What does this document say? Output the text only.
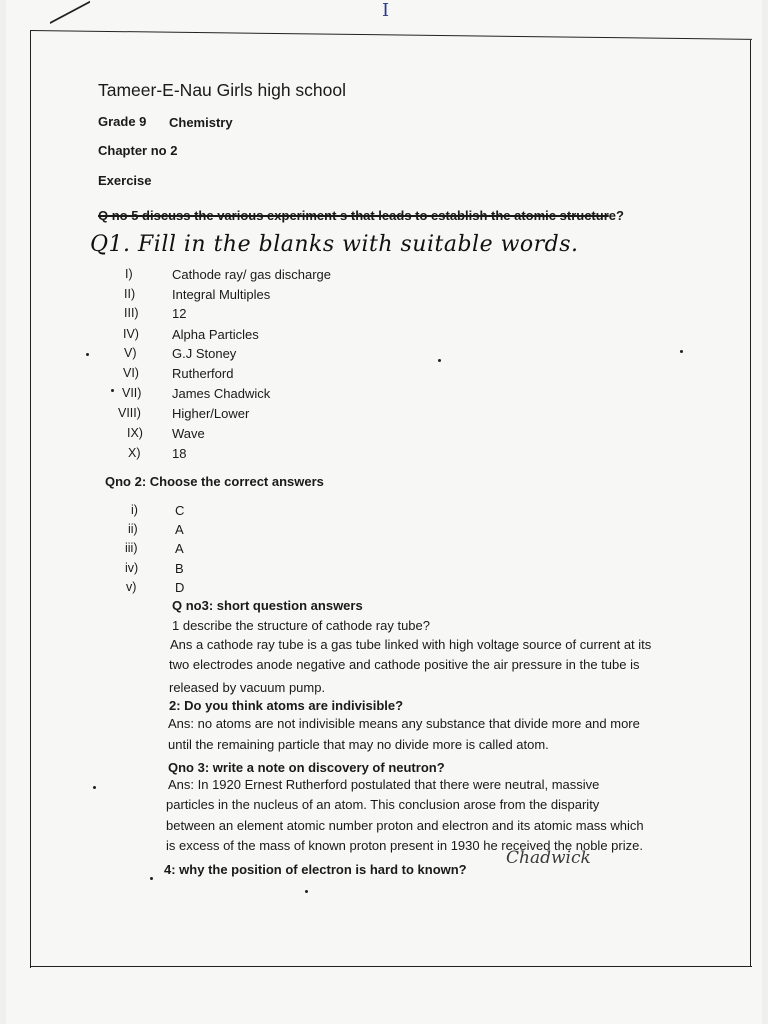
I
Tameer-E-Nau Girls high school
Grade 9 Chemistry
Chapter no 2
Exercise
Q no 5 discuss the various experiment s that leads to establish the atomic structure?
Q1. Fill in the blanks with suitable words.
I)	Cathode ray/ gas discharge
II)	Integral Multiples
III)	12
IV)	Alpha Particles
V)	G.J Stoney
VI)	Rutherford
VII) James Chadwick
VIII) Higher/Lower
IX) Wave
X) 18
Qno 2: Choose the correct answers
i)	C
ii)	A
iii)	A
iv)	B
v)	D
Q no3: short question answers
1 describe the structure of cathode ray tube?
Ans a cathode ray tube is a gas tube linked with high voltage source of current at its
two electrodes anode negative and cathode positive the air pressure in the tube is
released by vacuum pump.
2: Do you think atoms are indivisible?
Ans: no atoms are not indivisible means any substance that divide more and more
until the remaining particle that may no divide more is called atom.
Qno 3: write a note on discovery of neutron?
Ans: In 1920 Ernest Rutherford postulated that there were neutral, massive
particles in the nucleus of an atom. This conclusion arose from the disparity
between an element atomic number proton and electron and its atomic mass which
is excess of the mass of known proton present in 1930 he received the noble prize.
4: why the position of electron is hard to known?
Chadwick
